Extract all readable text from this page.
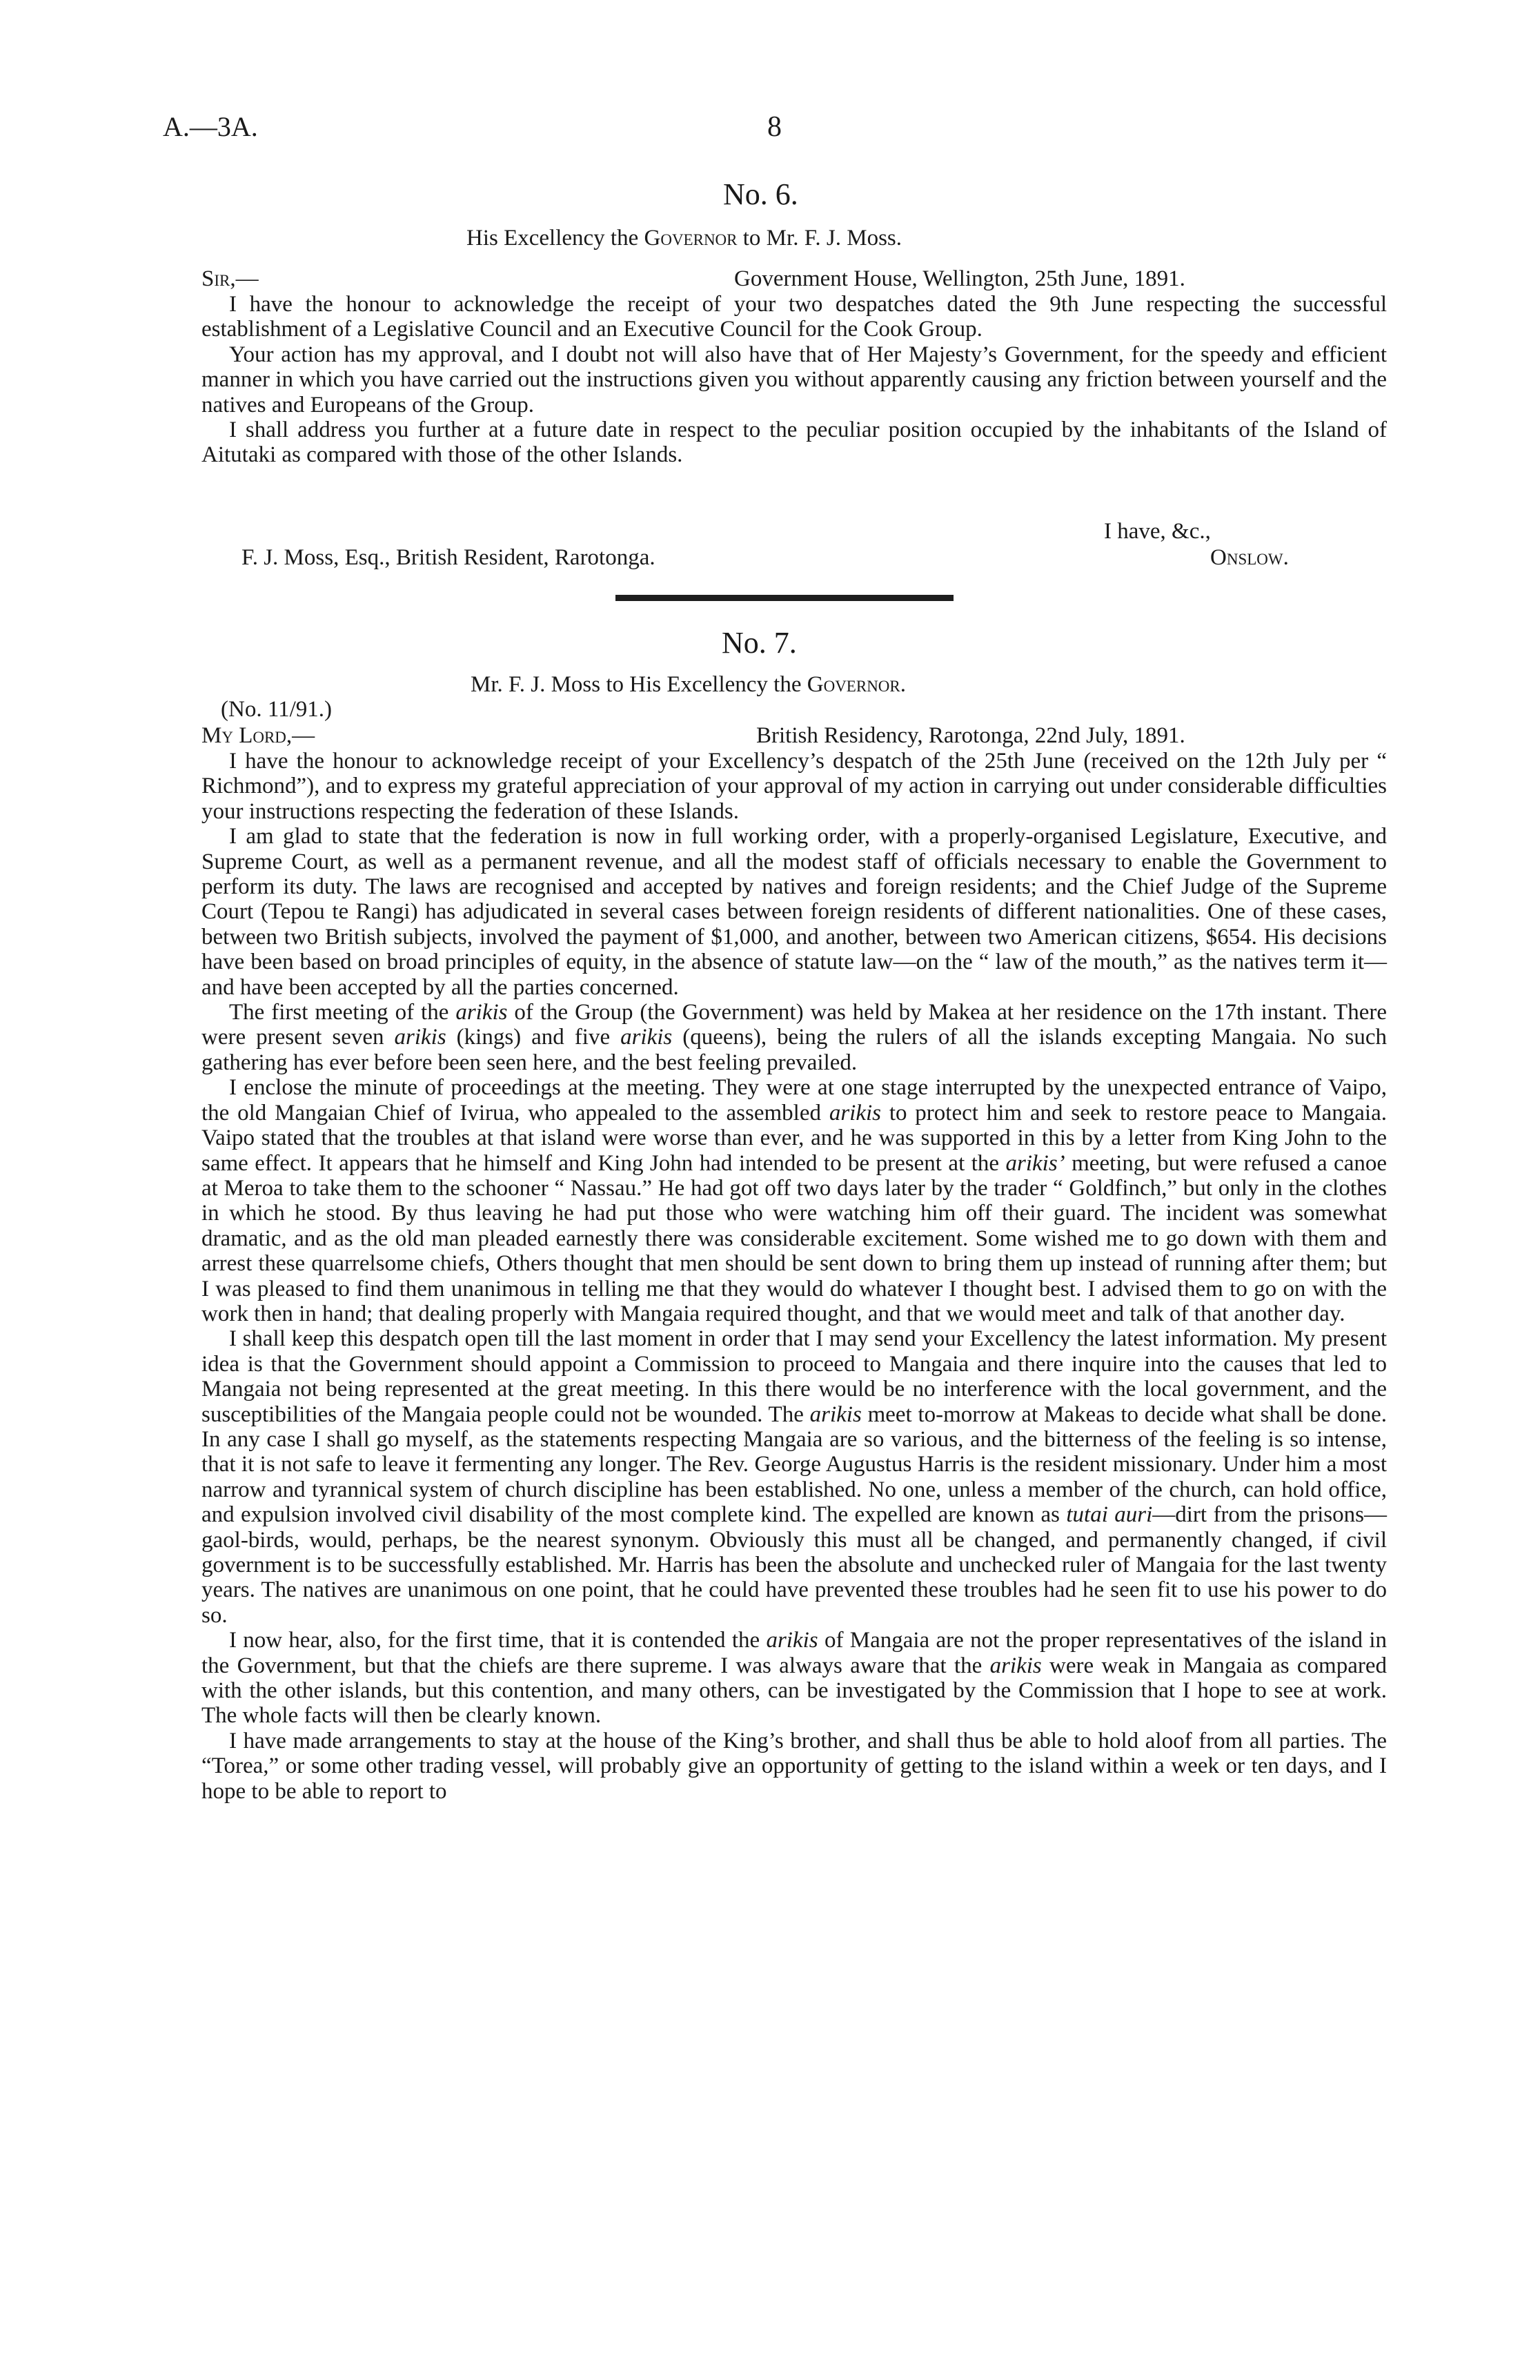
A.—3A.	8
No. 6.
His Excellency the Governor to Mr. F. J. Moss.
Sir,—	Government House, Wellington, 25th June, 1891.

I have the honour to acknowledge the receipt of your two despatches dated the 9th June respecting the successful establishment of a Legislative Council and an Executive Council for the Cook Group.

Your action has my approval, and I doubt not will also have that of Her Majesty’s Government, for the speedy and efficient manner in which you have carried out the instructions given you without apparently causing any friction between yourself and the natives and Europeans of the Group.

I shall address you further at a future date in respect to the peculiar position occupied by the inhabitants of the Island of Aitutaki as compared with those of the other Islands.

I have, &c.,
F. J. Moss, Esq., British Resident, Rarotonga.	Onslow.
No. 7.
Mr. F. J. Moss to His Excellency the Governor.
(No. 11/91.)
My Lord,—	British Residency, Rarotonga, 22nd July, 1891.

I have the honour to acknowledge receipt of your Excellency’s despatch of the 25th June (received on the 12th July per “ Richmond”), and to express my grateful appreciation of your approval of my action in carrying out under considerable difficulties your instructions respecting the federation of these Islands.

I am glad to state that the federation is now in full working order, with a properly-organised Legislature, Executive, and Supreme Court, as well as a permanent revenue, and all the modest staff of officials necessary to enable the Government to perform its duty. The laws are recognised and accepted by natives and foreign residents; and the Chief Judge of the Supreme Court (Tepou te Rangi) has adjudicated in several cases between foreign residents of different nationalities. One of these cases, between two British subjects, involved the payment of $1,000, and another, between two American citizens, $654. His decisions have been based on broad principles of equity, in the absence of statute law—on the “ law of the mouth,” as the natives term it—and have been accepted by all the parties concerned.

The first meeting of the arikis of the Group (the Government) was held by Makea at her residence on the 17th instant. There were present seven arikis (kings) and five arikis (queens), being the rulers of all the islands excepting Mangaia. No such gathering has ever before been seen here, and the best feeling prevailed.

I enclose the minute of proceedings at the meeting. They were at one stage interrupted by the unexpected entrance of Vaipo, the old Mangaian Chief of Ivirua, who appealed to the assembled arikis to protect him and seek to restore peace to Mangaia. Vaipo stated that the troubles at that island were worse than ever, and he was supported in this by a letter from King John to the same effect. It appears that he himself and King John had intended to be present at the arikis’ meeting, but were refused a canoe at Meroa to take them to the schooner “ Nassau.” He had got off two days later by the trader “ Goldfinch,” but only in the clothes in which he stood. By thus leaving he had put those who were watching him off their guard. The incident was somewhat dramatic, and as the old man pleaded earnestly there was considerable excitement. Some wished me to go down with them and arrest these quarrelsome chiefs, Others thought that men should be sent down to bring them up instead of running after them; but I was pleased to find them unanimous in telling me that they would do whatever I thought best. I advised them to go on with the work then in hand; that dealing properly with Mangaia required thought, and that we would meet and talk of that another day.

I shall keep this despatch open till the last moment in order that I may send your Excellency the latest information. My present idea is that the Government should appoint a Commission to proceed to Mangaia and there inquire into the causes that led to Mangaia not being represented at the great meeting. In this there would be no interference with the local government, and the susceptibilities of the Mangaia people could not be wounded. The arikis meet to-morrow at Makeas to decide what shall be done. In any case I shall go myself, as the statements respecting Mangaia are so various, and the bitterness of the feeling is so intense, that it is not safe to leave it fermenting any longer. The Rev. George Augustus Harris is the resident missionary. Under him a most narrow and tyrannical system of church discipline has been established. No one, unless a member of the church, can hold office, and expulsion involved civil disability of the most complete kind. The expelled are known as tutai auri—dirt from the prisons—gaol-birds, would, perhaps, be the nearest synonym. Obviously this must all be changed, and permanently changed, if civil government is to be successfully established. Mr. Harris has been the absolute and unchecked ruler of Mangaia for the last twenty years. The natives are unanimous on one point, that he could have prevented these troubles had he seen fit to use his power to do so.

I now hear, also, for the first time, that it is contended the arikis of Mangaia are not the proper representatives of the island in the Government, but that the chiefs are there supreme. I was always aware that the arikis were weak in Mangaia as compared with the other islands, but this contention, and many others, can be investigated by the Commission that I hope to see at work. The whole facts will then be clearly known.

I have made arrangements to stay at the house of the King’s brother, and shall thus be able to hold aloof from all parties. The “Torea,” or some other trading vessel, will probably give an opportunity of getting to the island within a week or ten days, and I hope to be able to report to
